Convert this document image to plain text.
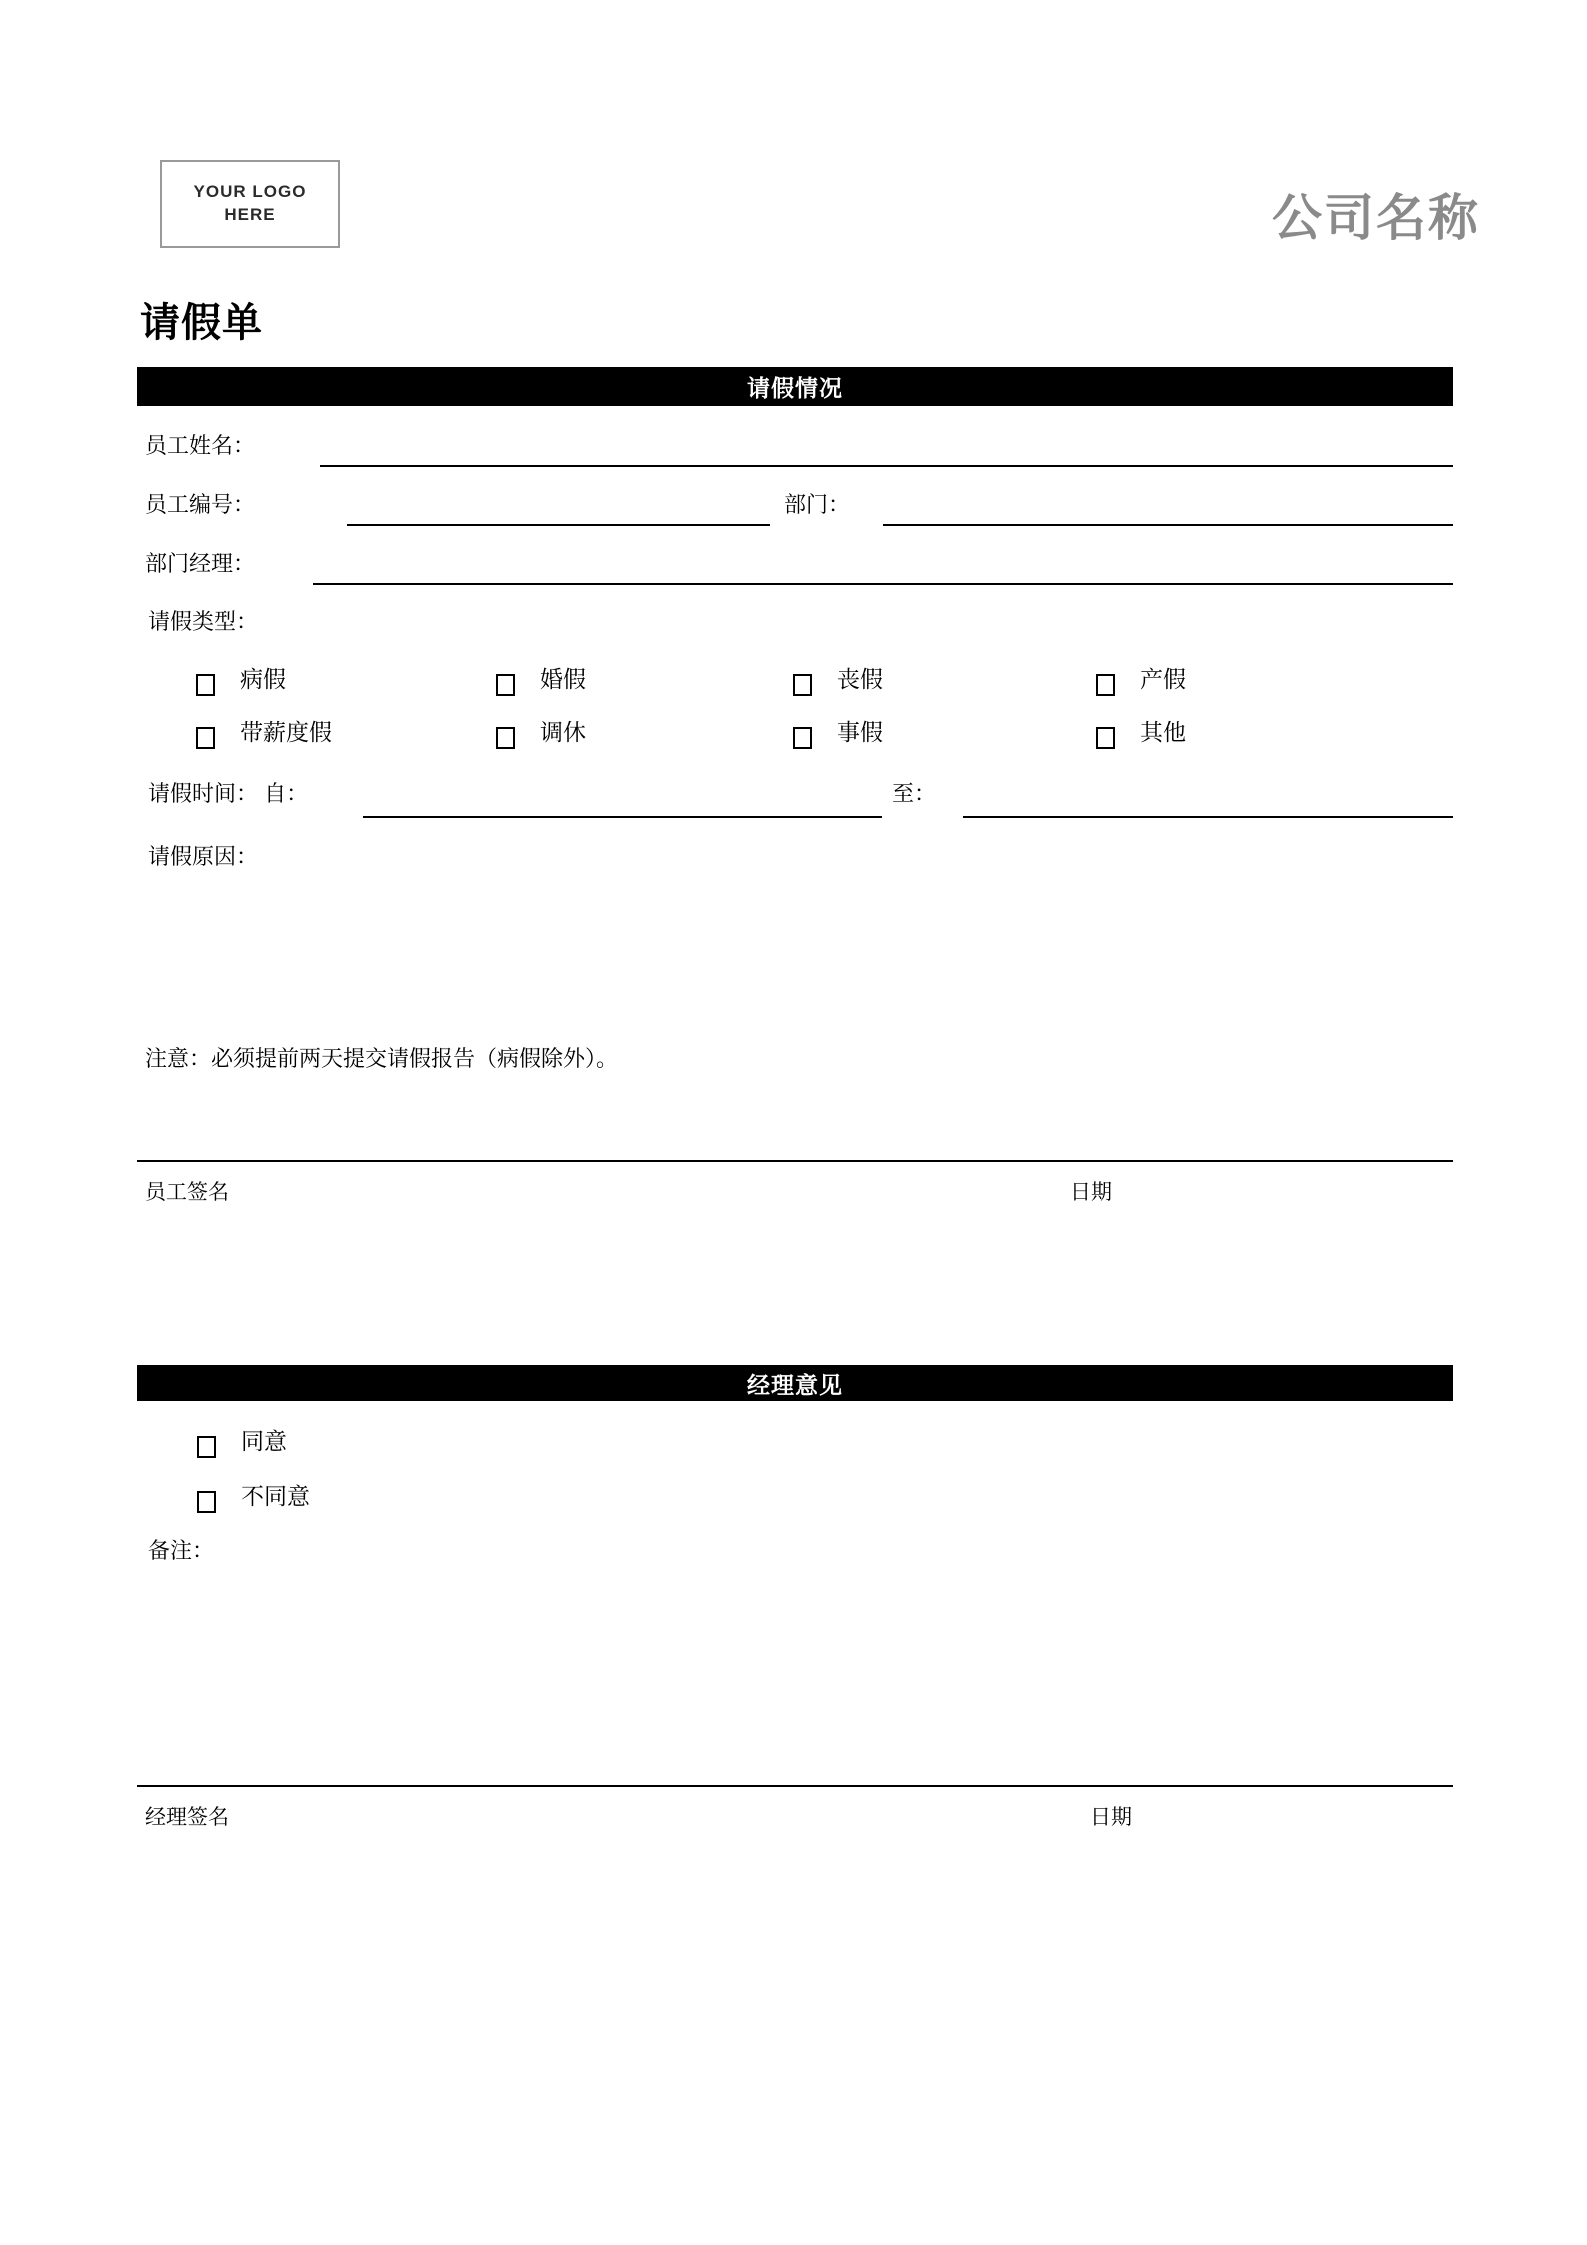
YOUR LOGO
HERE	公司名称
请假单
请假情况
员工姓名：
员工编号：	部门：
部门经理：
请假类型：
病假	婚假	丧假	产假
带薪度假	调休	事假	其他
请假时间： 自：	至：
请假原因：
注意：必须提前两天提交请假报告（病假除外）。
员工签名	日期
经理意见
同意
不同意
备注：
经理签名	日期
